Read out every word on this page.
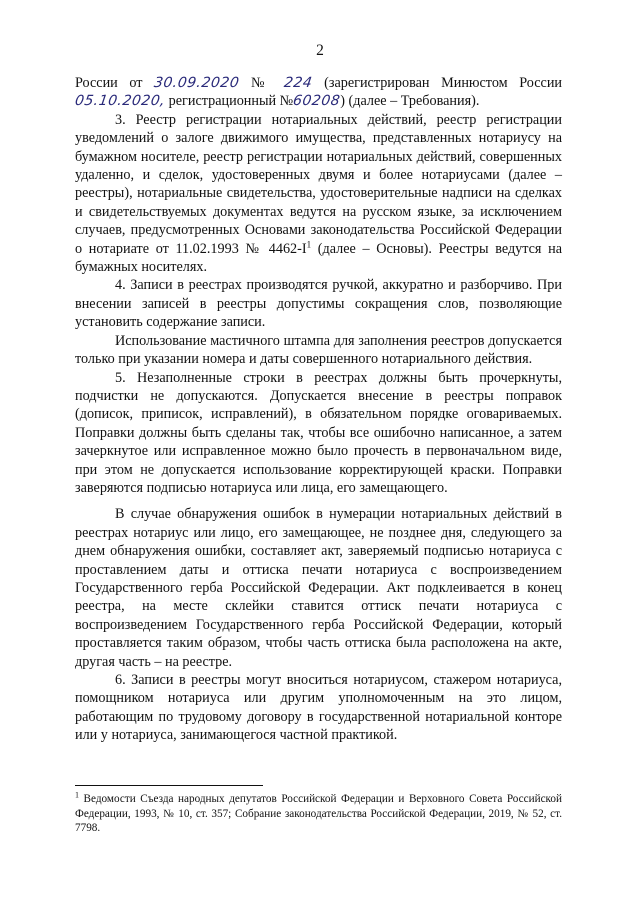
2

России от 30.09.2020 № 224 (зарегистрирован Минюстом России 05.10.2020, регистрационный №60208) (далее – Требования).

3. Реестр регистрации нотариальных действий, реестр регистрации уведомлений о залоге движимого имущества, представленных нотариусу на бумажном носителе, реестр регистрации нотариальных действий, совершенных удаленно, и сделок, удостоверенных двумя и более нотариусами (далее – реестры), нотариальные свидетельства, удостоверительные надписи на сделках и свидетельствуемых документах ведутся на русском языке, за исключением случаев, предусмотренных Основами законодательства Российской Федерации о нотариате от 11.02.1993 № $4462-I^1$ (далее – Основы). Реестры ведутся на бумажных носителях.

4. Записи в реестрах производятся ручкой, аккуратно и разборчиво. При внесении записей в реестры допустимы сокращения слов, позволяющие установить содержание записи.

Использование мастичного штампа для заполнения реестров допускается только при указании номера и даты совершенного нотариального действия.

5. Незаполненные строки в реестрах должны быть прочеркнуты, подчистки не допускаются. Допускается внесение в реестры поправок (дописок, приписок, исправлений), в обязательном порядке оговариваемых. Поправки должны быть сделаны так, чтобы все ошибочно написанное, а затем зачеркнутое или исправленное можно было прочесть в первоначальном виде, при этом не допускается использование корректирующей краски. Поправки заверяются подписью нотариуса или лица, его замещающего.

В случае обнаружения ошибок в нумерации нотариальных действий в реестрах нотариус или лицо, его замещающее, не позднее дня, следующего за днем обнаружения ошибки, составляет акт, заверяемый подписью нотариуса с проставлением даты и оттиска печати нотариуса с воспроизведением Государственного герба Российской Федерации. Акт подклеивается в конец реестра, на месте склейки ставится оттиск печати нотариуса с воспроизведением Государственного герба Российской Федерации, который проставляется таким образом, чтобы часть оттиска была расположена на акте, другая часть – на реестре.

6. Записи в реестры могут вноситься нотариусом, стажером нотариуса, помощником нотариуса или другим уполномоченным на это лицом, работающим по трудовому договору в государственной нотариальной конторе или у нотариуса, занимающегося частной практикой.

$^1$ Ведомости Съезда народных депутатов Российской Федерации и Верховного Совета Российской Федерации, 1993, № 10, ст. 357; Собрание законодательства Российской Федерации, 2019, № 52, ст. 7798.
